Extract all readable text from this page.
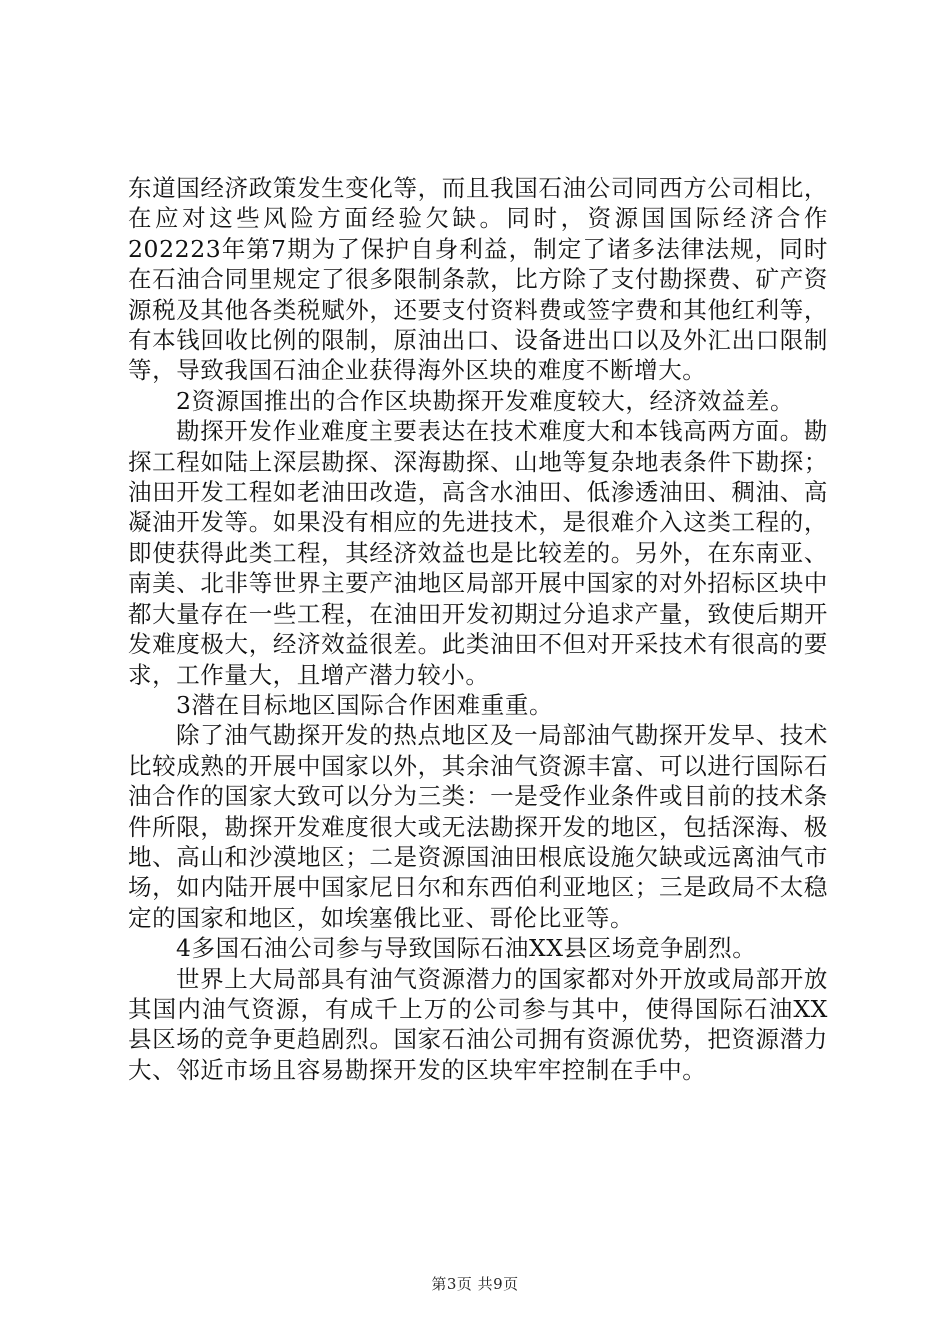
东道国经济政策发生变化等，而且我国石油公司同西方公司相比，在应对这些风险方面经验欠缺。同时，资源国国际经济合作202223年第7期为了保护自身利益，制定了诸多法律法规，同时在石油合同里规定了很多限制条款，比方除了支付勘探费、矿产资源税及其他各类税赋外，还要支付资料费或签字费和其他红利等，有本钱回收比例的限制，原油出口、设备进出口以及外汇出口限制等，导致我国石油企业获得海外区块的难度不断增大。

2资源国推出的合作区块勘探开发难度较大，经济效益差。

勘探开发作业难度主要表达在技术难度大和本钱高两方面。勘探工程如陆上深层勘探、深海勘探、山地等复杂地表条件下勘探；油田开发工程如老油田改造，高含水油田、低渗透油田、稠油、高凝油开发等。如果没有相应的先进技术，是很难介入这类工程的，即使获得此类工程，其经济效益也是比较差的。另外，在东南亚、南美、北非等世界主要产油地区局部开展中国家的对外招标区块中都大量存在一些工程，在油田开发初期过分追求产量，致使后期开发难度极大，经济效益很差。此类油田不但对开采技术有很高的要求，工作量大，且增产潜力较小。

3潜在目标地区国际合作困难重重。

除了油气勘探开发的热点地区及一局部油气勘探开发早、技术比较成熟的开展中国家以外，其余油气资源丰富、可以进行国际石油合作的国家大致可以分为三类：一是受作业条件或目前的技术条件所限，勘探开发难度很大或无法勘探开发的地区，包括深海、极地、高山和沙漠地区；二是资源国油田根底设施欠缺或远离油气市场，如内陆开展中国家尼日尔和东西伯利亚地区；三是政局不太稳定的国家和地区，如埃塞俄比亚、哥伦比亚等。

4多国石油公司参与导致国际石油XX县区场竞争剧烈。

世界上大局部具有油气资源潜力的国家都对外开放或局部开放其国内油气资源，有成千上万的公司参与其中，使得国际石油XX县区场的竞争更趋剧烈。国家石油公司拥有资源优势，把资源潜力大、邻近市场且容易勘探开发的区块牢牢控制在手中。

第3页 共9页
